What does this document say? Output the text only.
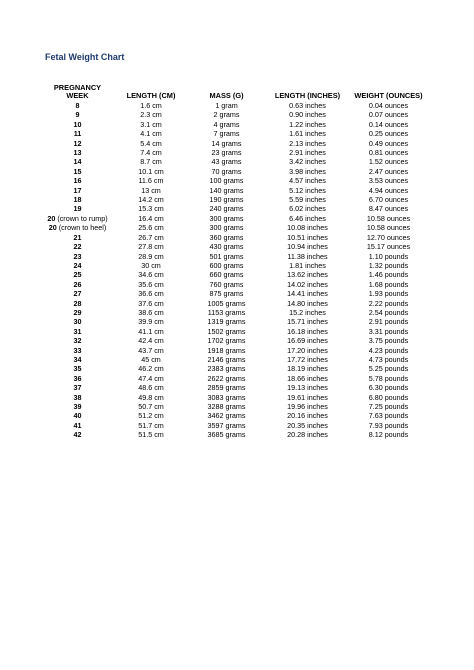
Fetal Weight Chart
PREGNANCY
WEEK	LENGTH (CM)	MASS (G)	LENGTH (INCHES)	WEIGHT (OUNCES)
8	1.6 cm	1 gram	0.63 inches	0.04 ounces
9	2.3 cm	2 grams	0.90 inches	0.07 ounces
10	3.1 cm	4 grams	1.22 inches	0.14 ounces
11	4.1 cm	7 grams	1.61 inches	0.25 ounces
12	5.4 cm	14 grams	2.13 inches	0.49 ounces
13	7.4 cm	23 grams	2.91 inches	0.81 ounces
14	8.7 cm	43 grams	3.42 inches	1.52 ounces
15	10.1 cm	70 grams	3.98 inches	2.47 ounces
16	11.6 cm	100 grams	4.57 inches	3.53 ounces
17	13 cm	140 grams	5.12 inches	4.94 ounces
18	14.2 cm	190 grams	5.59 inches	6.70 ounces
19	15.3 cm	240 grams	6.02 inches	8.47 ounces
20 (crown to rump)	16.4 cm	300 grams	6.46 inches	10.58 ounces
20 (crown to heel)	25.6 cm	300 grams	10.08 inches	10.58 ounces
21	26.7 cm	360 grams	10.51 inches	12.70 ounces
22	27.8 cm	430 grams	10.94 inches	15.17 ounces
23	28.9 cm	501 grams	11.38 inches	1.10 pounds
24	30 cm	600 grams	1.81 inches	1.32 pounds
25	34.6 cm	660 grams	13.62 inches	1.46 pounds
26	35.6 cm	760 grams	14.02 inches	1.68 pounds
27	36.6 cm	875 grams	14.41 inches	1.93 pounds
28	37.6 cm	1005 grams	14.80 inches	2.22 pounds
29	38.6 cm	1153 grams	15.2 inches	2.54 pounds
30	39.9 cm	1319 grams	15.71 inches	2.91 pounds
31	41.1 cm	1502 grams	16.18 inches	3.31 pounds
32	42.4 cm	1702 grams	16.69 inches	3.75 pounds
33	43.7 cm	1918 grams	17.20 inches	4.23 pounds
34	45 cm	2146 grams	17.72 inches	4.73 pounds
35	46.2 cm	2383 grams	18.19 inches	5.25 pounds
36	47.4 cm	2622 grams	18.66 inches	5.78 pounds
37	48.6 cm	2859 grams	19.13 inches	6.30 pounds
38	49.8 cm	3083 grams	19.61 inches	6.80 pounds
39	50.7 cm	3288 grams	19.96 inches	7.25 pounds
40	51.2 cm	3462 grams	20.16 inches	7.63 pounds
41	51.7 cm	3597 grams	20.35 inches	7.93 pounds
42	51.5 cm	3685 grams	20.28 inches	8.12 pounds
